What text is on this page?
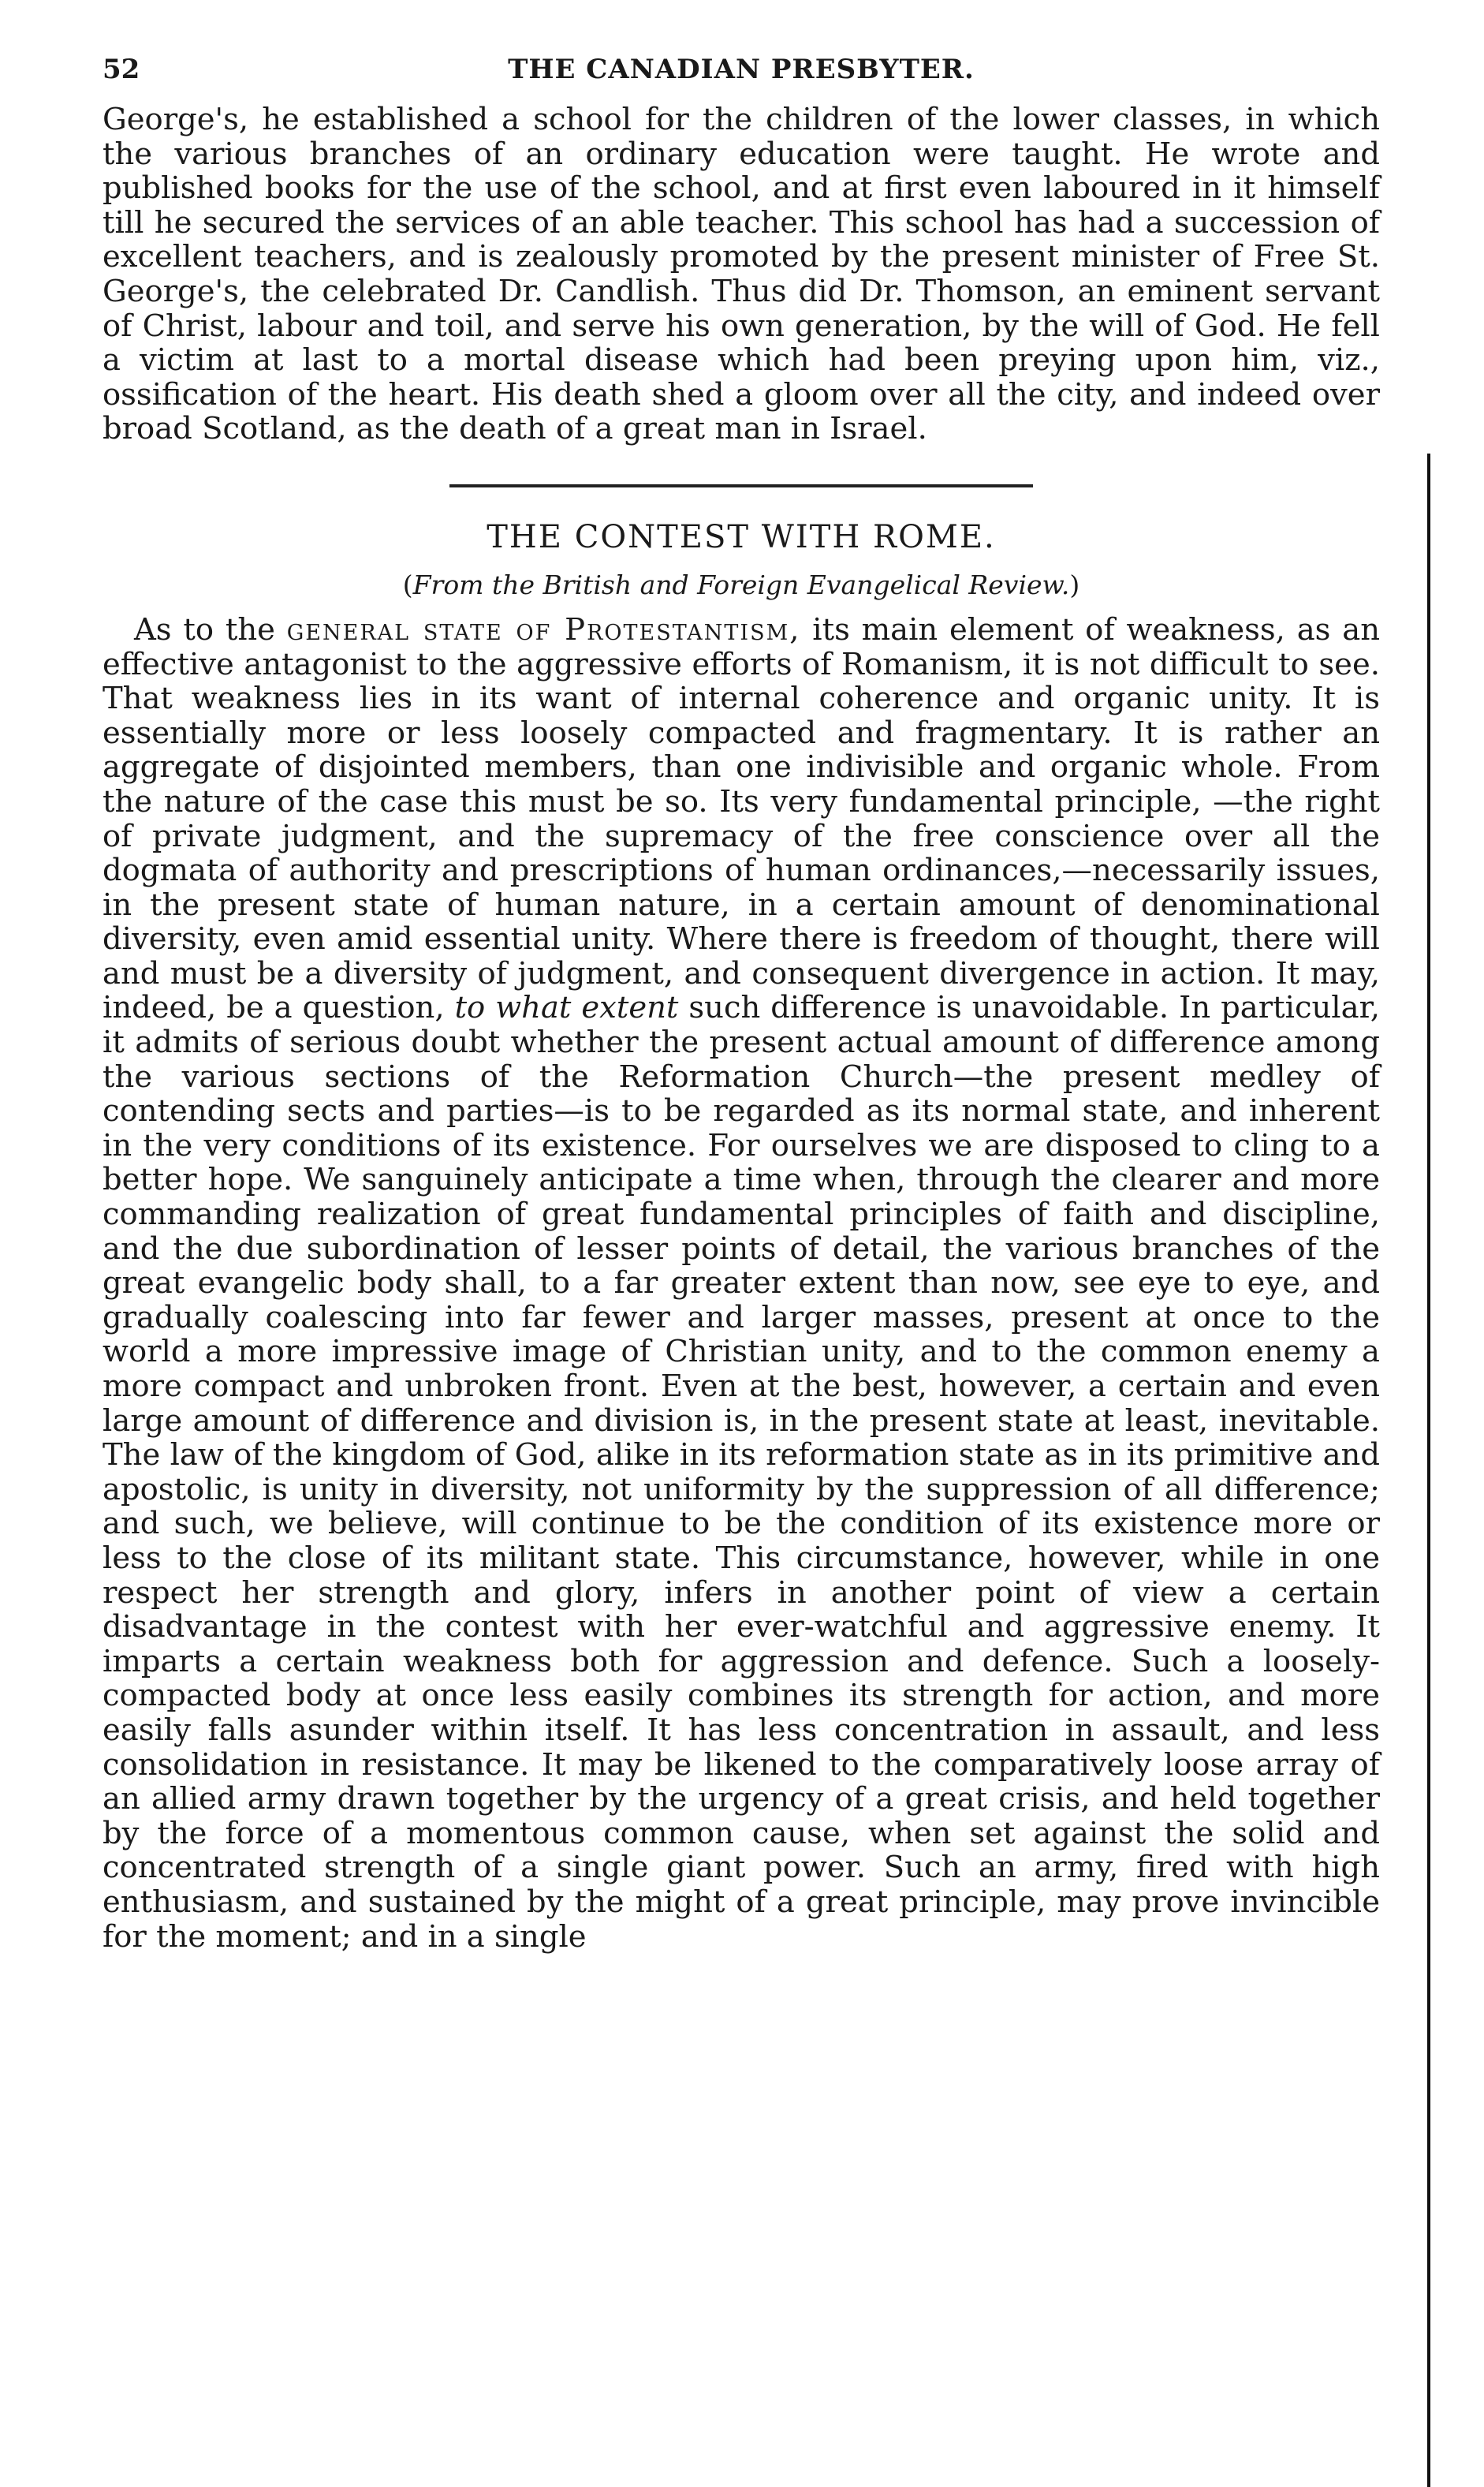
52	THE CANADIAN PRESBYTER.

George's, he established a school for the children of the lower classes, in which the various branches of an ordinary education were taught. He wrote and published books for the use of the school, and at first even laboured in it himself till he secured the services of an able teacher. This school has had a succession of excellent teachers, and is zealously promoted by the present minister of Free St. George's, the celebrated Dr. Candlish. Thus did Dr. Thomson, an eminent servant of Christ, labour and toil, and serve his own generation, by the will of God. He fell a victim at last to a mortal disease which had been preying upon him, viz., ossification of the heart. His death shed a gloom over all the city, and indeed over broad Scotland, as the death of a great man in Israel.

THE CONTEST WITH ROME.
(From the British and Foreign Evangelical Review.)

As to the general state of Protestantism, its main element of weakness, as an effective antagonist to the aggressive efforts of Romanism, it is not difficult to see. That weakness lies in its want of internal coherence and organic unity. It is essentially more or less loosely compacted and fragmentary. It is rather an aggregate of disjointed members, than one indivisible and organic whole. From the nature of the case this must be so. Its very fundamental principle, —the right of private judgment, and the supremacy of the free conscience over all the dogmata of authority and prescriptions of human ordinances,—necessarily issues, in the present state of human nature, in a certain amount of denominational diversity, even amid essential unity. Where there is freedom of thought, there will and must be a diversity of judgment, and consequent divergence in action. It may, indeed, be a question, to what extent such difference is unavoidable. In particular, it admits of serious doubt whether the present actual amount of difference among the various sections of the Reformation Church—the present medley of contending sects and parties—is to be regarded as its normal state, and inherent in the very conditions of its existence. For ourselves we are disposed to cling to a better hope. We sanguinely anticipate a time when, through the clearer and more commanding realization of great fundamental principles of faith and discipline, and the due subordination of lesser points of detail, the various branches of the great evangelic body shall, to a far greater extent than now, see eye to eye, and gradually coalescing into far fewer and larger masses, present at once to the world a more impressive image of Christian unity, and to the common enemy a more compact and unbroken front. Even at the best, however, a certain and even large amount of difference and division is, in the present state at least, inevitable. The law of the kingdom of God, alike in its reformation state as in its primitive and apostolic, is unity in diversity, not uniformity by the suppression of all difference; and such, we believe, will continue to be the condition of its existence more or less to the close of its militant state. This circumstance, however, while in one respect her strength and glory, infers in another point of view a certain disadvantage in the contest with her ever-watchful and aggressive enemy. It imparts a certain weakness both for aggression and defence. Such a loosely-compacted body at once less easily combines its strength for action, and more easily falls asunder within itself. It has less concentration in assault, and less consolidation in resistance. It may be likened to the comparatively loose array of an allied army drawn together by the urgency of a great crisis, and held together by the force of a momentous common cause, when set against the solid and concentrated strength of a single giant power. Such an army, fired with high enthusiasm, and sustained by the might of a great principle, may prove invincible for the moment; and in a single
